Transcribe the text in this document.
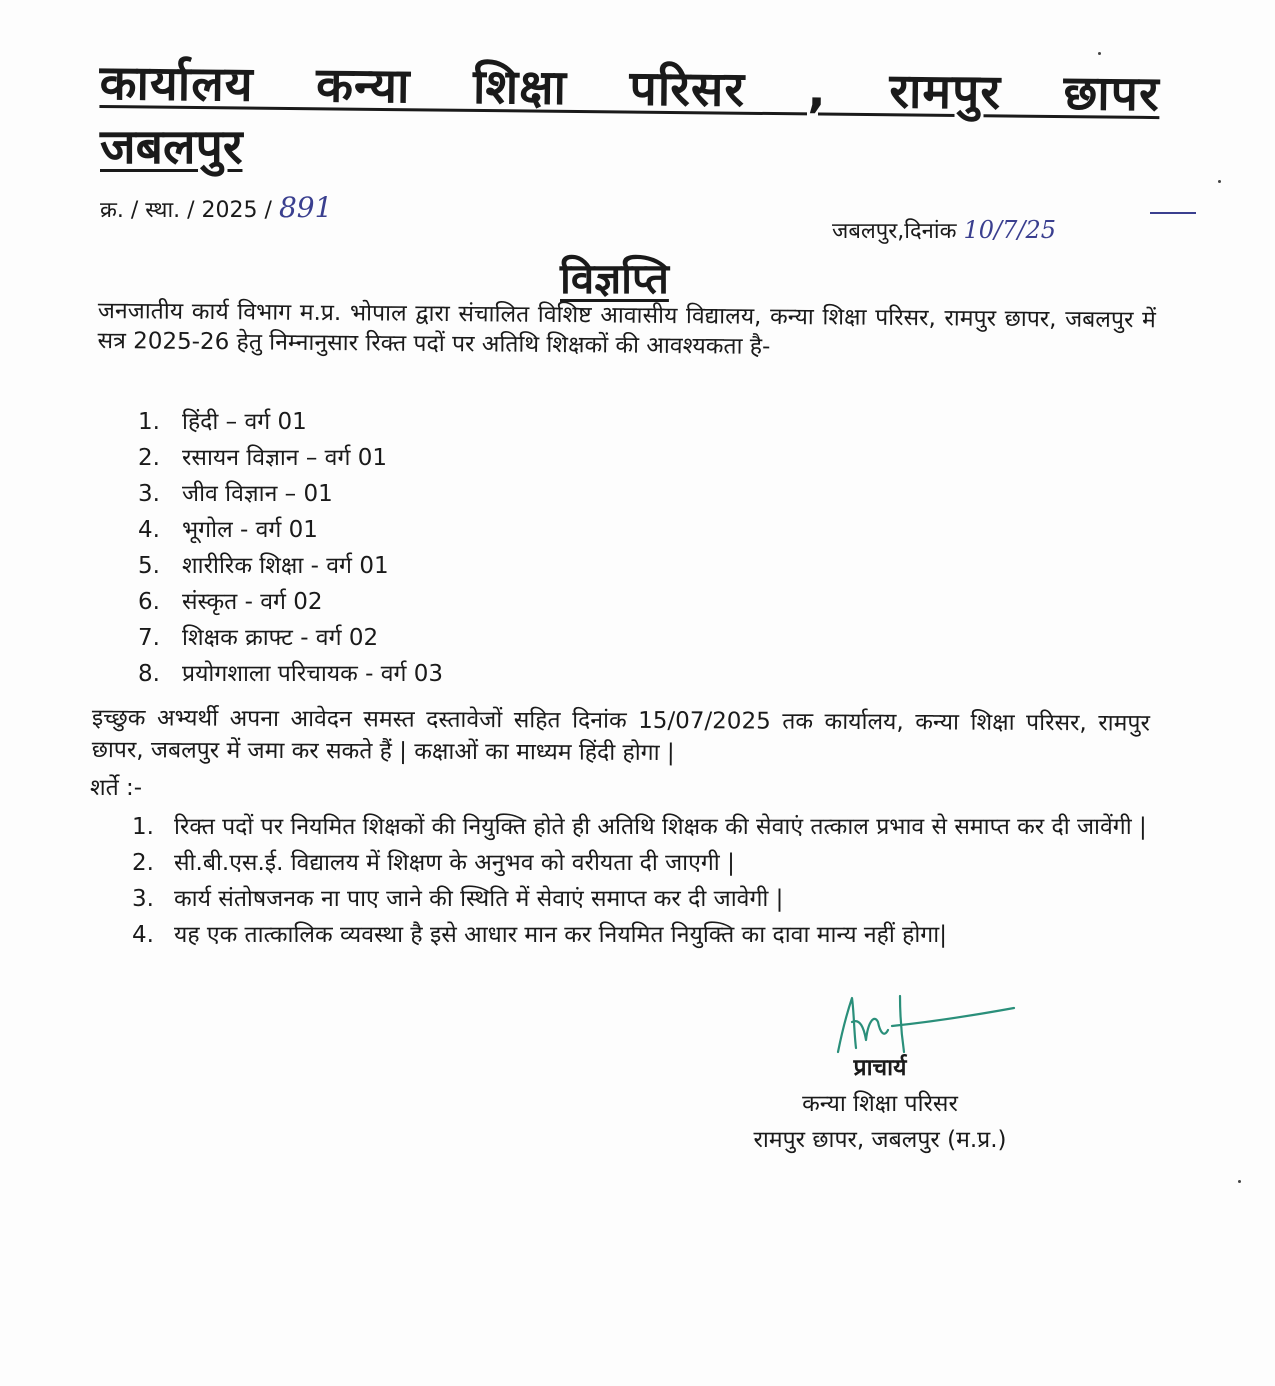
कार्यालय कन्या शिक्षा परिसर , रामपुर छापर
जबलपुर
क्र. / स्था. / 2025 / 891
जबलपुर,दिनांक 10/7/25
विज्ञप्ति
जनजातीय कार्य विभाग म.प्र. भोपाल द्वारा संचालित विशिष्ट आवासीय विद्यालय, कन्या शिक्षा परिसर, रामपुर छापर, जबलपुर में सत्र 2025-26 हेतु निम्नानुसार रिक्त पदों पर अतिथि शिक्षकों की आवश्यकता है-
1. हिंदी – वर्ग 01
2. रसायन विज्ञान – वर्ग 01
3. जीव विज्ञान – 01
4. भूगोल - वर्ग 01
5. शारीरिक शिक्षा - वर्ग 01
6. संस्कृत - वर्ग 02
7. शिक्षक क्राफ्ट - वर्ग 02
8. प्रयोगशाला परिचायक - वर्ग 03
इच्छुक अभ्यर्थी अपना आवेदन समस्त दस्तावेजों सहित दिनांक 15/07/2025 तक कार्यालय, कन्या शिक्षा परिसर, रामपुर छापर, जबलपुर में जमा कर सकते हैं | कक्षाओं का माध्यम हिंदी होगा |
शर्ते :-
1. रिक्त पदों पर नियमित शिक्षकों की नियुक्ति होते ही अतिथि शिक्षक की सेवाएं तत्काल प्रभाव से समाप्त कर दी जावेंगी |
2. सी.बी.एस.ई. विद्यालय में शिक्षण के अनुभव को वरीयता दी जाएगी |
3. कार्य संतोषजनक ना पाए जाने की स्थिति में सेवाएं समाप्त कर दी जावेगी |
4. यह एक तात्कालिक व्यवस्था है इसे आधार मान कर नियमित नियुक्ति का दावा मान्य नहीं होगा|
प्राचार्य
कन्या शिक्षा परिसर
रामपुर छापर, जबलपुर (म.प्र.)
